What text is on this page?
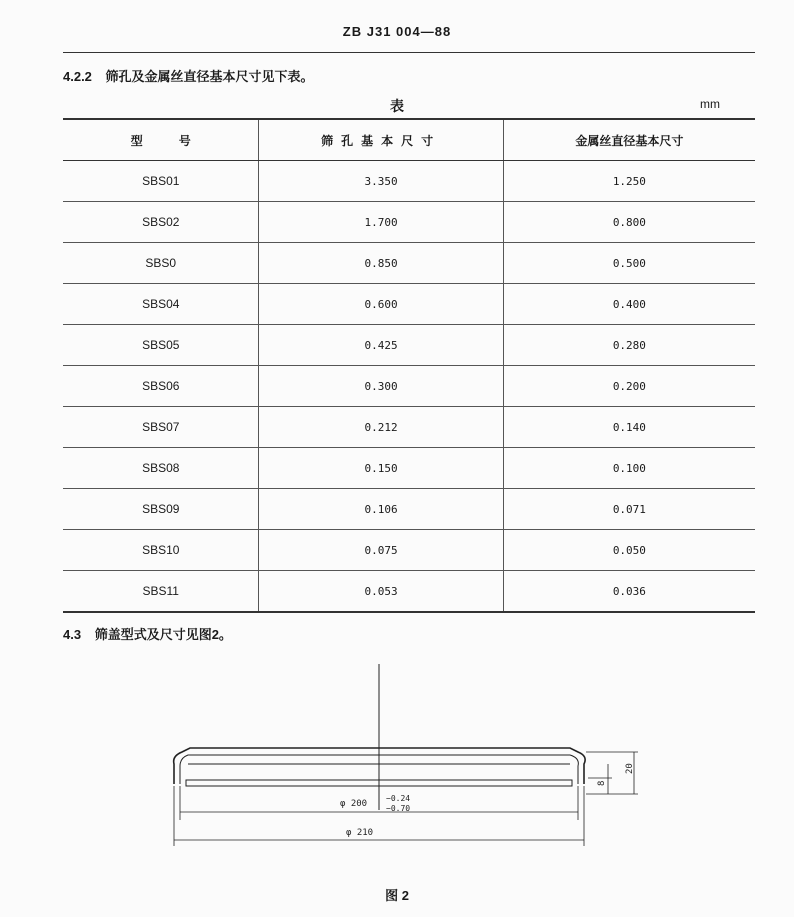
ZB J31 004—88
4.2.2 筛孔及金属丝直径基本尺寸见下表。
表	mm
型　　　号	筛孔基本尺寸	金属丝直径基本尺寸
SBS01	3.350	1.250
SBS02	1.700	0.800
SBS0	0.850	0.500
SBS04	0.600	0.400
SBS05	0.425	0.280
SBS06	0.300	0.200
SBS07	0.212	0.140
SBS08	0.150	0.100
SBS09	0.106	0.071
SBS10	0.075	0.050
SBS11	0.053	0.036
4.3 筛盖型式及尺寸见图2。
20
8
φ 200
−0.24
−0.70
φ 210
图 2
